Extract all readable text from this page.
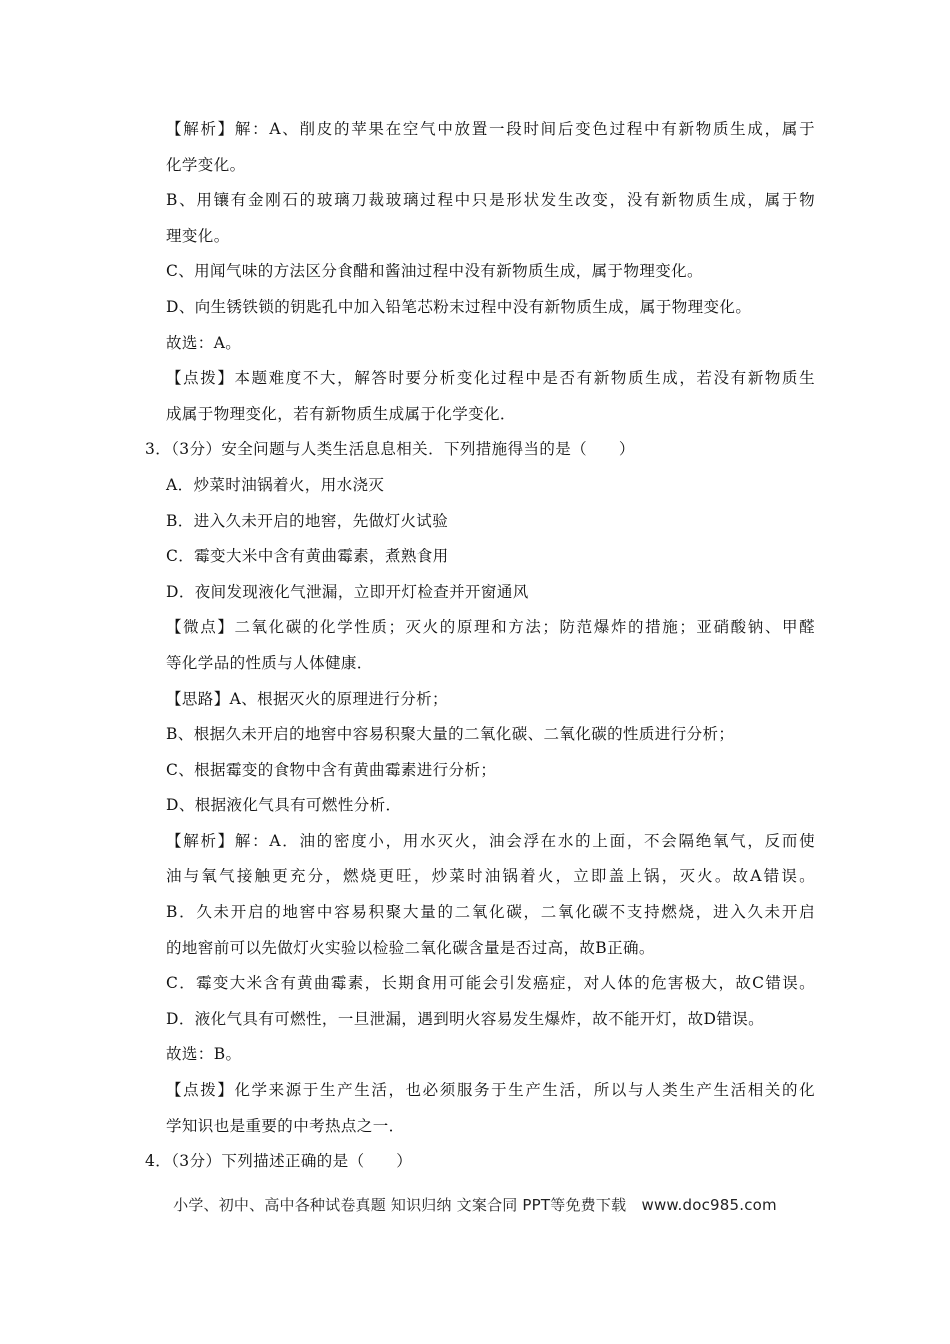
【解析】解：A、削皮的苹果在空气中放置一段时间后变色过程中有新物质生成，属于
化学变化。
B、用镶有金刚石的玻璃刀裁玻璃过程中只是形状发生改变，没有新物质生成，属于物
理变化。
C、用闻气味的方法区分食醋和酱油过程中没有新物质生成，属于物理变化。
D、向生锈铁锁的钥匙孔中加入铅笔芯粉末过程中没有新物质生成，属于物理变化。
故选：A。
【点拨】本题难度不大，解答时要分析变化过程中是否有新物质生成，若没有新物质生
成属于物理变化，若有新物质生成属于化学变化．
3．（3分）安全问题与人类生活息息相关．下列措施得当的是（　　）
A．炒菜时油锅着火，用水浇灭
B．进入久未开启的地窖，先做灯火试验
C．霉变大米中含有黄曲霉素，煮熟食用
D．夜间发现液化气泄漏，立即开灯检查并开窗通风
【微点】二氧化碳的化学性质；灭火的原理和方法；防范爆炸的措施；亚硝酸钠、甲醛
等化学品的性质与人体健康．
【思路】A、根据灭火的原理进行分析；
B、根据久未开启的地窖中容易积聚大量的二氧化碳、二氧化碳的性质进行分析；
C、根据霉变的食物中含有黄曲霉素进行分析；
D、根据液化气具有可燃性分析．
【解析】解：A．油的密度小，用水灭火，油会浮在水的上面，不会隔绝氧气，反而使
油与氧气接触更充分，燃烧更旺，炒菜时油锅着火，立即盖上锅，灭火。故A错误。
B．久未开启的地窖中容易积聚大量的二氧化碳，二氧化碳不支持燃烧，进入久未开启
的地窖前可以先做灯火实验以检验二氧化碳含量是否过高，故B正确。
C．霉变大米含有黄曲霉素，长期食用可能会引发癌症，对人体的危害极大，故C错误。
D．液化气具有可燃性，一旦泄漏，遇到明火容易发生爆炸，故不能开灯，故D错误。
故选：B。
【点拨】化学来源于生产生活，也必须服务于生产生活，所以与人类生产生活相关的化
学知识也是重要的中考热点之一．
4．（3分）下列描述正确的是（　　）
小学、初中、高中各种试卷真题 知识归纳 文案合同 PPT等免费下载　www.doc985.com
